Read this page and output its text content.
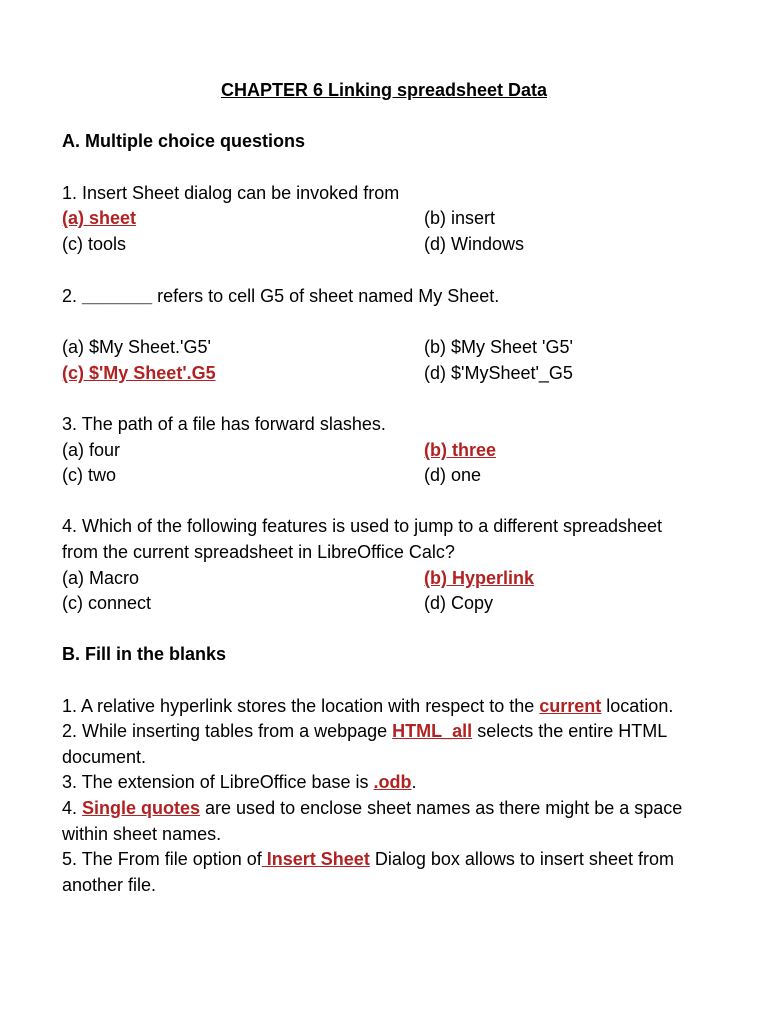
CHAPTER 6 Linking spreadsheet Data
A. Multiple choice questions
1. Insert Sheet dialog can be invoked from
(a) sheet	(b) insert
(c) tools	(d) Windows
2. _______ refers to cell G5 of sheet named My Sheet.
(a) $My Sheet.'G5'	(b) $My Sheet 'G5'
(c) $'My Sheet'.G5	(d) $'MySheet'_G5
3. The path of a file has forward slashes.
(a) four	(b) three
(c) two	(d) one
4. Which of the following features is used to jump to a different spreadsheet
from the current spreadsheet in LibreOffice Calc?
(a) Macro	(b) Hyperlink
(c) connect	(d) Copy
B. Fill in the blanks
1. A relative hyperlink stores the location with respect to the current location.
2. While inserting tables from a webpage HTML_all selects the entire HTML
document.
3. The extension of LibreOffice base is .odb.
4. Single quotes are used to enclose sheet names as there might be a space
within sheet names.
5. The From file option of Insert Sheet Dialog box allows to insert sheet from
another file.
